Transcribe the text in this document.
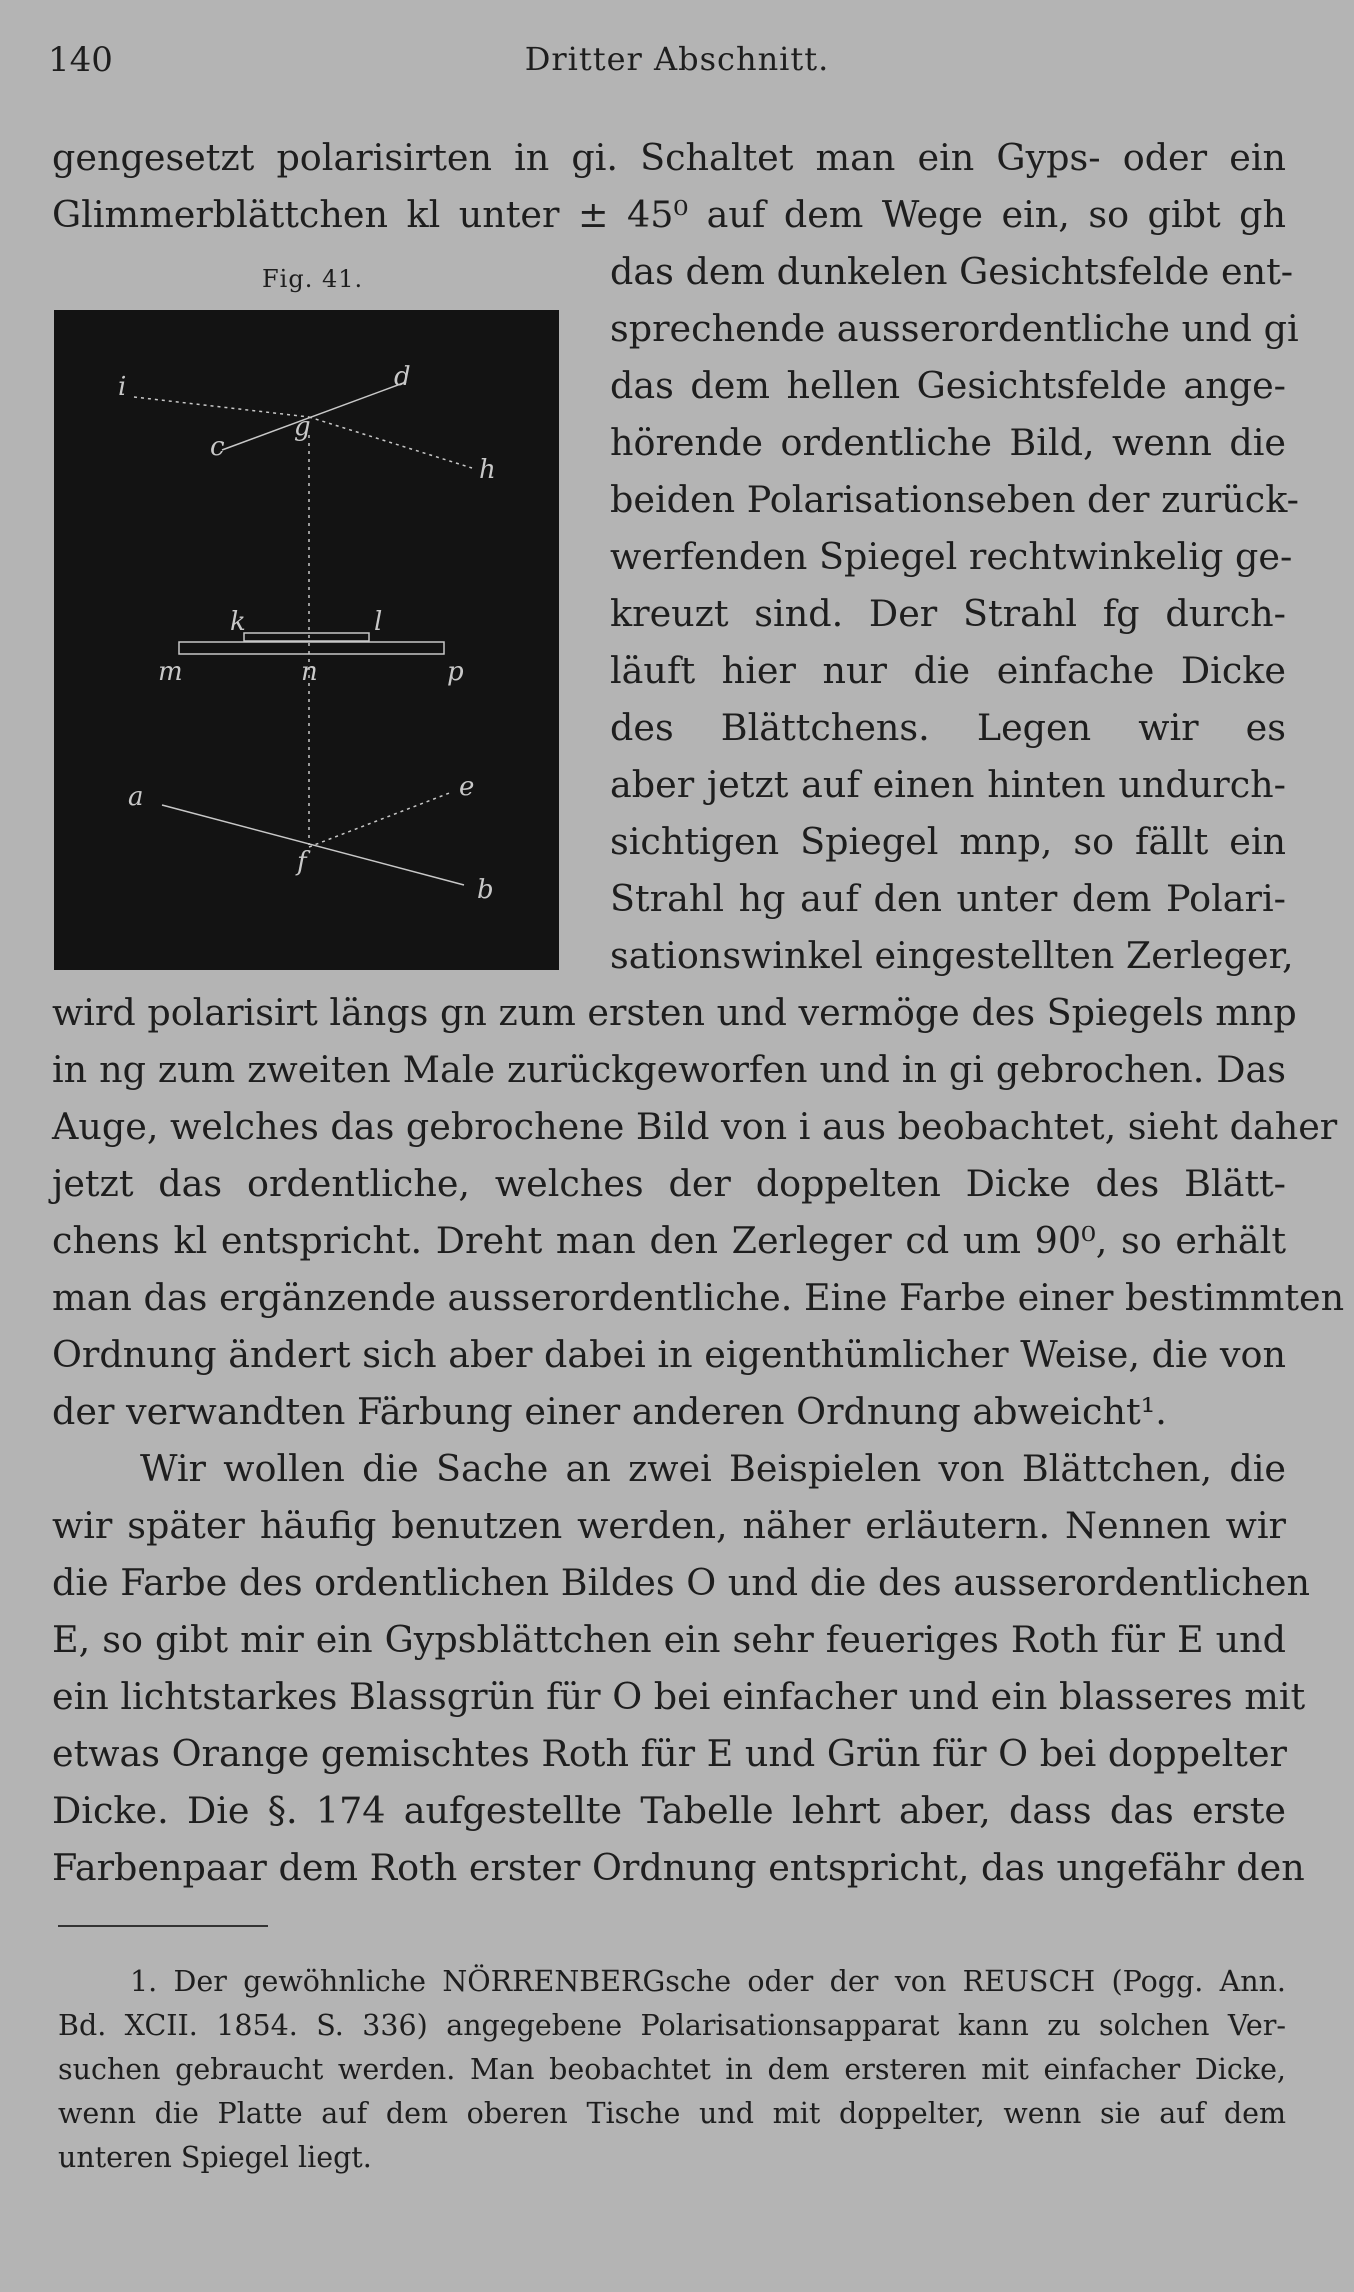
140	Dritter Abschnitt.
Fig. 41.
i	d
c
g
h
k	l
m	n	p
a	e
f
b
gengesetzt polarisirten in gi. Schaltet man ein Gyps- oder ein
Glimmerblättchen kl unter ± 45⁰ auf dem Wege ein, so gibt gh
das dem dunkelen Gesichtsfelde ent-
sprechende ausserordentliche und gi
das dem hellen Gesichtsfelde ange-
hörende ordentliche Bild, wenn die
beiden Polarisationseben der zurück-
werfenden Spiegel rechtwinkelig ge-
kreuzt sind. Der Strahl fg durch-
läuft hier nur die einfache Dicke
des Blättchens. Legen wir es
aber jetzt auf einen hinten undurch-
sichtigen Spiegel mnp, so fällt ein
Strahl hg auf den unter dem Polari-
sationswinkel eingestellten Zerleger,
wird polarisirt längs gn zum ersten und vermöge des Spiegels mnp
in ng zum zweiten Male zurückgeworfen und in gi gebrochen. Das
Auge, welches das gebrochene Bild von i aus beobachtet, sieht daher
jetzt das ordentliche, welches der doppelten Dicke des Blätt-
chens kl entspricht. Dreht man den Zerleger cd um 90⁰, so erhält
man das ergänzende ausserordentliche. Eine Farbe einer bestimmten
Ordnung ändert sich aber dabei in eigenthümlicher Weise, die von
der verwandten Färbung einer anderen Ordnung abweicht¹.
Wir wollen die Sache an zwei Beispielen von Blättchen, die
wir später häufig benutzen werden, näher erläutern. Nennen wir
die Farbe des ordentlichen Bildes O und die des ausserordentlichen
E, so gibt mir ein Gypsblättchen ein sehr feueriges Roth für E und
ein lichtstarkes Blassgrün für O bei einfacher und ein blasseres mit
etwas Orange gemischtes Roth für E und Grün für O bei doppelter
Dicke. Die §. 174 aufgestellte Tabelle lehrt aber, dass das erste
Farbenpaar dem Roth erster Ordnung entspricht, das ungefähr den
1. Der gewöhnliche NÖRRENBERGsche oder der von REUSCH (Pogg. Ann.
Bd. XCII. 1854. S. 336) angegebene Polarisationsapparat kann zu solchen Ver-
suchen gebraucht werden. Man beobachtet in dem ersteren mit einfacher Dicke,
wenn die Platte auf dem oberen Tische und mit doppelter, wenn sie auf dem
unteren Spiegel liegt.
